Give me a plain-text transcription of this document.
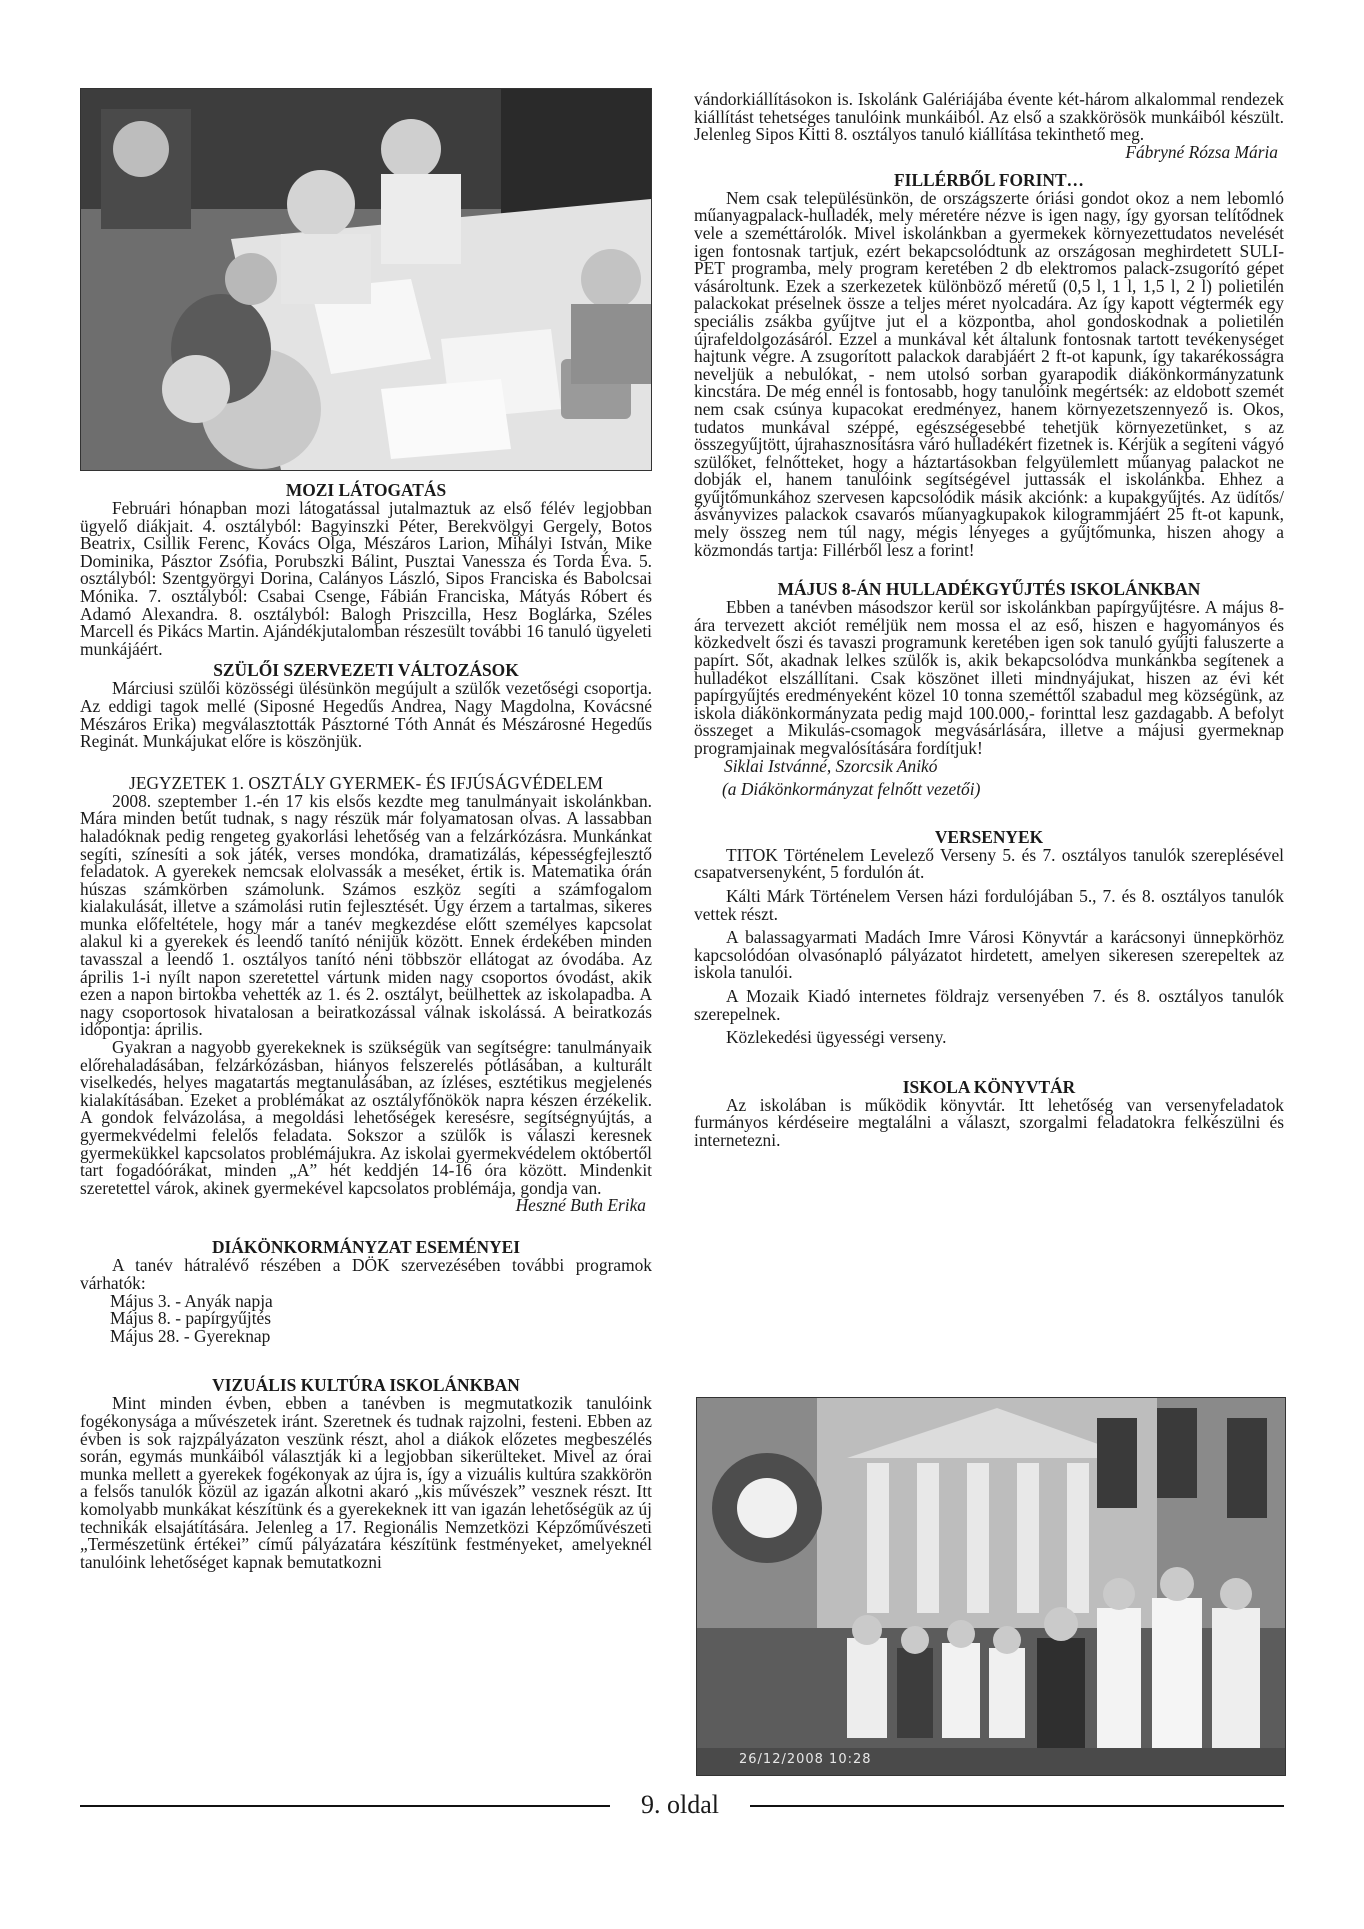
26/12/2008 10:28
MOZI LÁTOGATÁS

Februári hónapban mozi látogatással jutalmaztuk az első félév legjobban ügyelő diákjait. 4. osztályból: Bagyinszki Péter, Berekvölgyi Gergely, Botos Beatrix, Csillik Ferenc, Kovács Olga, Mészáros Larion, Mihályi István, Mike Dominika, Pásztor Zsófia, Porubszki Bálint, Pusztai Vanessza és Torda Éva. 5. osztályból: Szentgyörgyi Dorina, Calányos László, Sipos Franciska és Babolcsai Mónika. 7. osztályból: Csabai Csenge, Fábián Franciska, Mátyás Róbert és Adamó Alexandra. 8. osztályból: Balogh Priszcilla, Hesz Boglárka, Széles Marcell és Pikács Martin. Ajándékjutalomban részesült további 16 tanuló ügyeleti munkájáért.

SZÜLŐI SZERVEZETI VÁLTOZÁSOK

Márciusi szülői közösségi ülésünkön megújult a szülők vezetőségi csoportja. Az eddigi tagok mellé (Siposné Hegedűs Andrea, Nagy Magdolna, Kovácsné Mészáros Erika) megválasztották Pásztorné Tóth Annát és Mészárosné Hegedűs Reginát. Munkájukat előre is köszönjük.

JEGYZETEK 1. OSZTÁLY GYERMEK- ÉS IFJÚSÁGVÉDELEM

2008. szeptember 1.-én 17 kis elsős kezdte meg tanulmányait iskolánkban. Mára minden betűt tudnak, s nagy részük már folyamatosan olvas. A lassabban haladóknak pedig rengeteg gyakorlási lehetőség van a felzárkózásra. Munkánkat segíti, színesíti a sok játék, verses mondóka, dramatizálás, képességfejlesztő feladatok. A gyerekek nemcsak elolvassák a meséket, értik is. Matematika órán húszas számkörben számolunk. Számos eszköz segíti a számfogalom kialakulását, illetve a számolási rutin fejlesztését. Úgy érzem a tartalmas, sikeres munka előfeltétele, hogy már a tanév megkezdése előtt személyes kapcsolat alakul ki a gyerekek és leendő tanító nénijük között. Ennek érdekében minden tavasszal a leendő 1. osztályos tanító néni többször ellátogat az óvodába. Az április 1-i nyílt napon szeretettel vártunk miden nagy csoportos óvodást, akik ezen a napon birtokba vehették az 1. és 2. osztályt, beülhettek az iskolapadba. A nagy csoportosok hivatalosan a beiratkozással válnak iskolássá. A beiratkozás időpontja: április.

Gyakran a nagyobb gyerekeknek is szükségük van segítségre: tanulmányaik előrehaladásában, felzárkózásban, hiányos felszerelés pótlásában, a kulturált viselkedés, helyes magatartás megtanulásában, az ízléses, esztétikus megjelenés kialakításában. Ezeket a problémákat az osztályfőnökök napra készen érzékelik. A gondok felvázolása, a megoldási lehetőségek keresésre, segítségnyújtás, a gyermekvédelmi felelős feladata. Sokszor a szülők is válaszi keresnek gyermekükkel kapcsolatos problémájukra. Az iskolai gyermekvédelem októbertől tart fogadóórákat, minden „A” hét keddjén 14-16 óra között. Mindenkit szeretettel várok, akinek gyermekével kapcsolatos problémája, gondja van.
Heszné Buth Erika

DIÁKÖNKORMÁNYZAT ESEMÉNYEI

A tanév hátralévő részében a DÖK szervezésében további programok várhatók:

Május 3. - Anyák napja
Május 8. - papírgyűjtés
Május 28. - Gyereknap
VIZUÁLIS KULTÚRA ISKOLÁNKBAN

Mint minden évben, ebben a tanévben is megmutatkozik tanulóink fogékonysága a művészetek iránt. Szeretnek és tudnak rajzolni, festeni. Ebben az évben is sok rajzpályázaton veszünk részt, ahol a diákok előzetes megbeszélés során, egymás munkáiból választják ki a legjobban sikerülteket. Mivel az órai munka mellett a gyerekek fogékonyak az újra is, így a vizuális kultúra szakkörön a felsős tanulók közül az igazán alkotni akaró „kis művészek” vesznek részt. Itt komolyabb munkákat készítünk és a gyerekeknek itt van igazán lehetőségük az új technikák elsajátítására. Jelenleg a 17. Regionális Nemzetközi Képzőművészeti „Természetünk értékei” című pályázatára készítünk festményeket, amelyeknél tanulóink lehetőséget kapnak bemutatkozni

vándorkiállításokon is. Iskolánk Galériájába évente két-három alkalommal rendezek kiállítást tehetséges tanulóink munkáiból. Az első a szakkörösök munkáiból készült. Jelenleg Sipos Kitti 8. osztályos tanuló kiállítása tekinthető meg.
Fábryné Rózsa Mária

FILLÉRBŐL FORINT…

Nem csak településünkön, de országszerte óriási gondot okoz a nem lebomló műanyagpalack-hulladék, mely méretére nézve is igen nagy, így gyorsan telítődnek vele a szeméttárolók. Mivel iskolánkban a gyermekek környezettudatos nevelését igen fontosnak tartjuk, ezért bekapcsolódtunk az országosan meghirdetett SULI-PET programba, mely program keretében 2 db elektromos palack-zsugorító gépet vásároltunk. Ezek a szerkezetek különböző méretű (0,5 l, 1 l, 1,5 l, 2 l) polietilén palackokat préselnek össze a teljes méret nyolcadára. Az így kapott végtermék egy speciális zsákba gyűjtve jut el a központba, ahol gondoskodnak a polietilén újrafeldolgozásáról. Ezzel a munkával két általunk fontosnak tartott tevékenységet hajtunk végre. A zsugorított palackok darabjáért 2 ft-ot kapunk, így takarékosságra neveljük a nebulókat, - nem utolsó sorban gyarapodik diákönkormányzatunk kincstára. De még ennél is fontosabb, hogy tanulóink megértsék: az eldobott szemét nem csak csúnya kupacokat eredményez, hanem környezetszennyező is. Okos, tudatos munkával széppé, egészségesebbé tehetjük környezetünket, s az összegyűjtött, újrahasznosításra váró hulladékért fizetnek is. Kérjük a segíteni vágyó szülőket, felnőtteket, hogy a háztartásokban felgyülemlett műanyag palackot ne dobják el, hanem tanulóink segítségével juttassák el iskolánkba. Ehhez a gyűjtőmunkához szervesen kapcsolódik másik akciónk: a kupakgyűjtés. Az üdítős/ásványvizes palackok csavarós műanyagkupakok kilogrammjáért 25 ft-ot kapunk, mely összeg nem túl nagy, mégis lényeges a gyűjtőmunka, hiszen ahogy a közmondás tartja: Fillérből lesz a forint!

MÁJUS 8-ÁN HULLADÉKGYŰJTÉS ISKOLÁNKBAN

Ebben a tanévben másodszor kerül sor iskolánkban papírgyűjtésre. A május 8-ára tervezett akciót reméljük nem mossa el az eső, hiszen e hagyományos és közkedvelt őszi és tavaszi programunk keretében igen sok tanuló gyűjti faluszerte a papírt. Sőt, akadnak lelkes szülők is, akik bekapcsolódva munkánkba segítenek a hulladékot elszállítani. Csak köszönet illeti mindnyájukat, hiszen az évi két papírgyűjtés eredményeként közel 10 tonna szeméttől szabadul meg községünk, az iskola diákönkormányzata pedig majd 100.000,- forinttal lesz gazdagabb. A befolyt összeget a Mikulás-csomagok megvásárlására, illetve a májusi gyermeknap programjainak megvalósítására fordítjuk!

Siklai Istvánné, Szorcsik Anikó
(a Diákönkormányzat felnőtt vezetői)
VERSENYEK

TITOK Történelem Levelező Verseny 5. és 7. osztályos tanulók szereplésével csapatversenyként, 5 fordulón át.

Kálti Márk Történelem Versen házi fordulójában 5., 7. és 8. osztályos tanulók vettek részt.

A balassagyarmati Madách Imre Városi Könyvtár a karácsonyi ünnepkörhöz kapcsolódóan olvasónapló pályázatot hirdetett, amelyen sikeresen szerepeltek az iskola tanulói.

A Mozaik Kiadó internetes földrajz versenyében 7. és 8. osztályos tanulók szerepelnek.

Közlekedési ügyességi verseny.

ISKOLA KÖNYVTÁR

Az iskolában is működik könyvtár. Itt lehetőség van versenyfeladatok furmányos kérdéseire megtalálni a választ, szorgalmi feladatokra felkészülni és internetezni.

9. oldal
